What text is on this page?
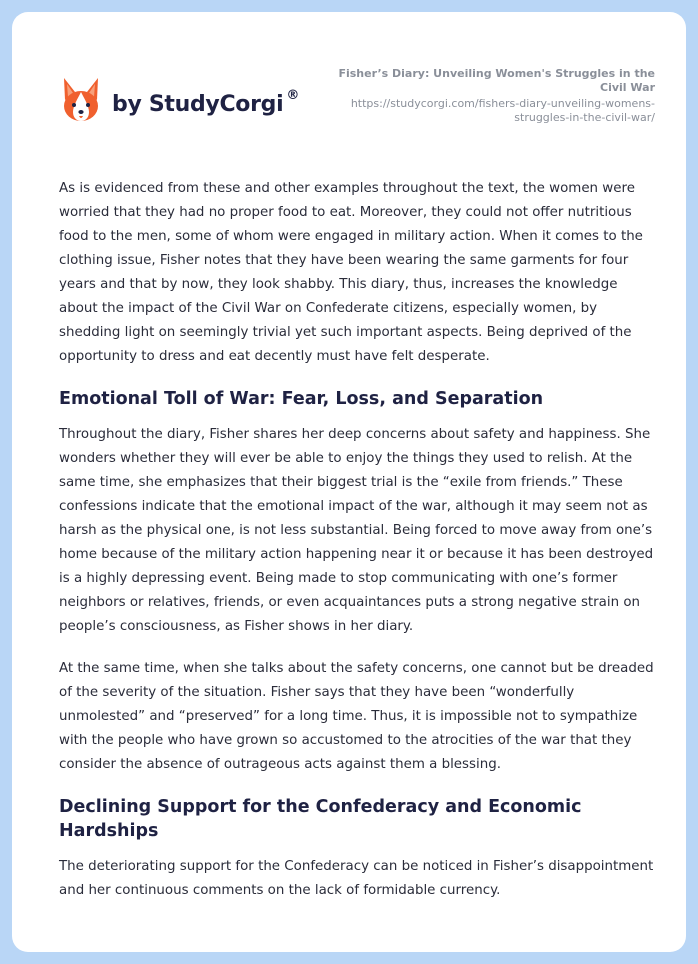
by StudyCorgi ®
Fisher’s Diary: Unveiling Women's Struggles in the Civil War
https://studycorgi.com/fishers-diary-unveiling-womens-struggles-in-the-civil-war/

As is evidenced from these and other examples throughout the text, the women were worried that they had no proper food to eat. Moreover, they could not offer nutritious food to the men, some of whom were engaged in military action. When it comes to the clothing issue, Fisher notes that they have been wearing the same garments for four years and that by now, they look shabby. This diary, thus, increases the knowledge about the impact of the Civil War on Confederate citizens, especially women, by shedding light on seemingly trivial yet such important aspects. Being deprived of the opportunity to dress and eat decently must have felt desperate.

Emotional Toll of War: Fear, Loss, and Separation

Throughout the diary, Fisher shares her deep concerns about safety and happiness. She wonders whether they will ever be able to enjoy the things they used to relish. At the same time, she emphasizes that their biggest trial is the “exile from friends.” These confessions indicate that the emotional impact of the war, although it may seem not as harsh as the physical one, is not less substantial. Being forced to move away from one’s home because of the military action happening near it or because it has been destroyed is a highly depressing event. Being made to stop communicating with one’s former neighbors or relatives, friends, or even acquaintances puts a strong negative strain on people’s consciousness, as Fisher shows in her diary.

At the same time, when she talks about the safety concerns, one cannot but be dreaded of the severity of the situation. Fisher says that they have been “wonderfully unmolested” and “preserved” for a long time. Thus, it is impossible not to sympathize with the people who have grown so accustomed to the atrocities of the war that they consider the absence of outrageous acts against them a blessing.

Declining Support for the Confederacy and Economic Hardships

The deteriorating support for the Confederacy can be noticed in Fisher’s disappointment and her continuous comments on the lack of formidable currency.
